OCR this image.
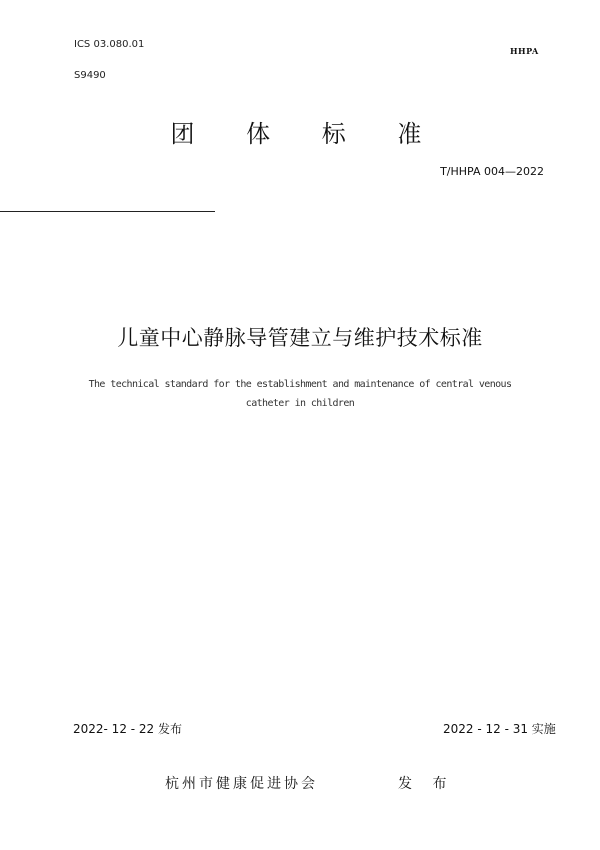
ICS 03.080.01
S9490
HHPA
团 体 标 准
T/HHPA 004—2022
儿童中心静脉导管建立与维护技术标准
The technical standard for the establishment and maintenance of central venous catheter in children
2022- 12 - 22 发布	2022 - 12 - 31 实施
杭州市健康促进协会	发 布
